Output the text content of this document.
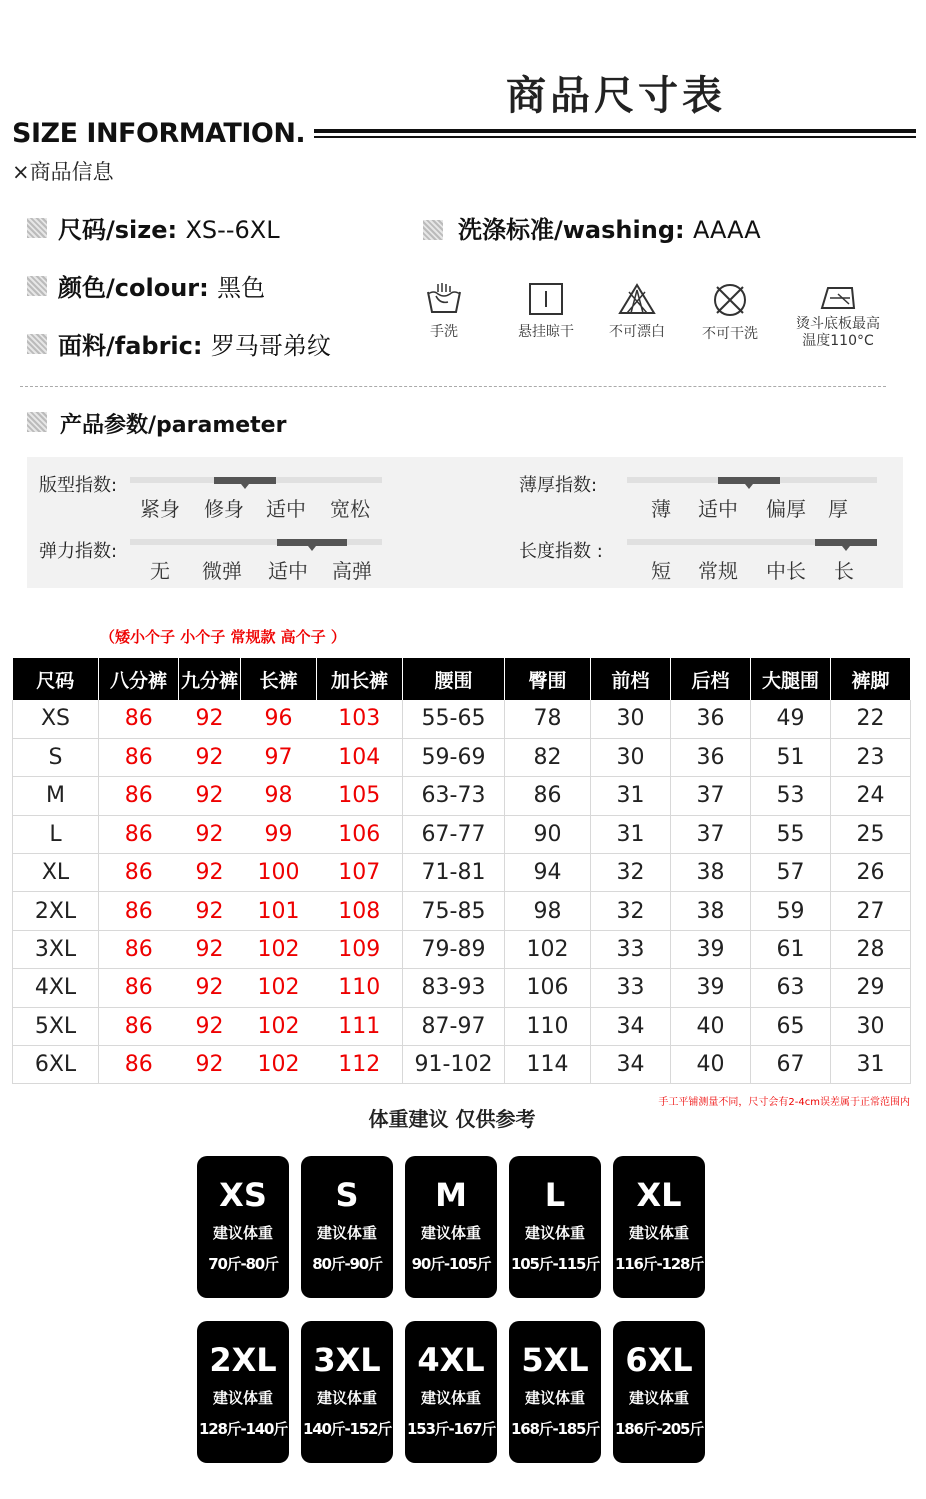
商品尺寸表
SIZE INFORMATION.
×商品信息
尺码/size: XS--6XL
颜色/colour: 黑色
面料/fabric: 罗马哥弟纹
洗涤标准/washing: AAAA
手洗	悬挂晾干	不可漂白	不可干洗
烫斗底板最高
温度110°C
产品参数/parameter
版型指数:
紧身	修身	适中	宽松
弹力指数:
无	微弹	适中	高弹
薄厚指数:
薄	适中	偏厚	厚
长度指数 :
短	常规	中长	长
（矮小个子 小个子 常规款 高个子 ）
尺码	八分裤	九分裤	长裤	加长裤	腰围	臀围	前档	后档	大腿围	裤脚
XS	86	92	96	103	55-65	78	30	36	49	22
S	86	92	97	104	59-69	82	30	36	51	23
M	86	92	98	105	63-73	86	31	37	53	24
L	86	92	99	106	67-77	90	31	37	55	25
XL	86	92	100	107	71-81	94	32	38	57	26
2XL	86	92	101	108	75-85	98	32	38	59	27
3XL	86	92	102	109	79-89	102	33	39	61	28
4XL	86	92	102	110	83-93	106	33	39	63	29
5XL	86	92	102	111	87-97	110	34	40	65	30
6XL	86	92	102	112	91-102	114	34	40	67	31
手工平铺测量不同，尺寸会有2-4cm误差属于正常范围内
体重建议 仅供参考
XS
建议体重
70斤-80斤
S
建议体重
80斤-90斤
M
建议体重
90斤-105斤
L
建议体重
105斤-115斤
XL
建议体重
116斤-128斤
2XL
建议体重
128斤-140斤
3XL
建议体重
140斤-152斤
4XL
建议体重
153斤-167斤
5XL
建议体重
168斤-185斤
6XL
建议体重
186斤-205斤
